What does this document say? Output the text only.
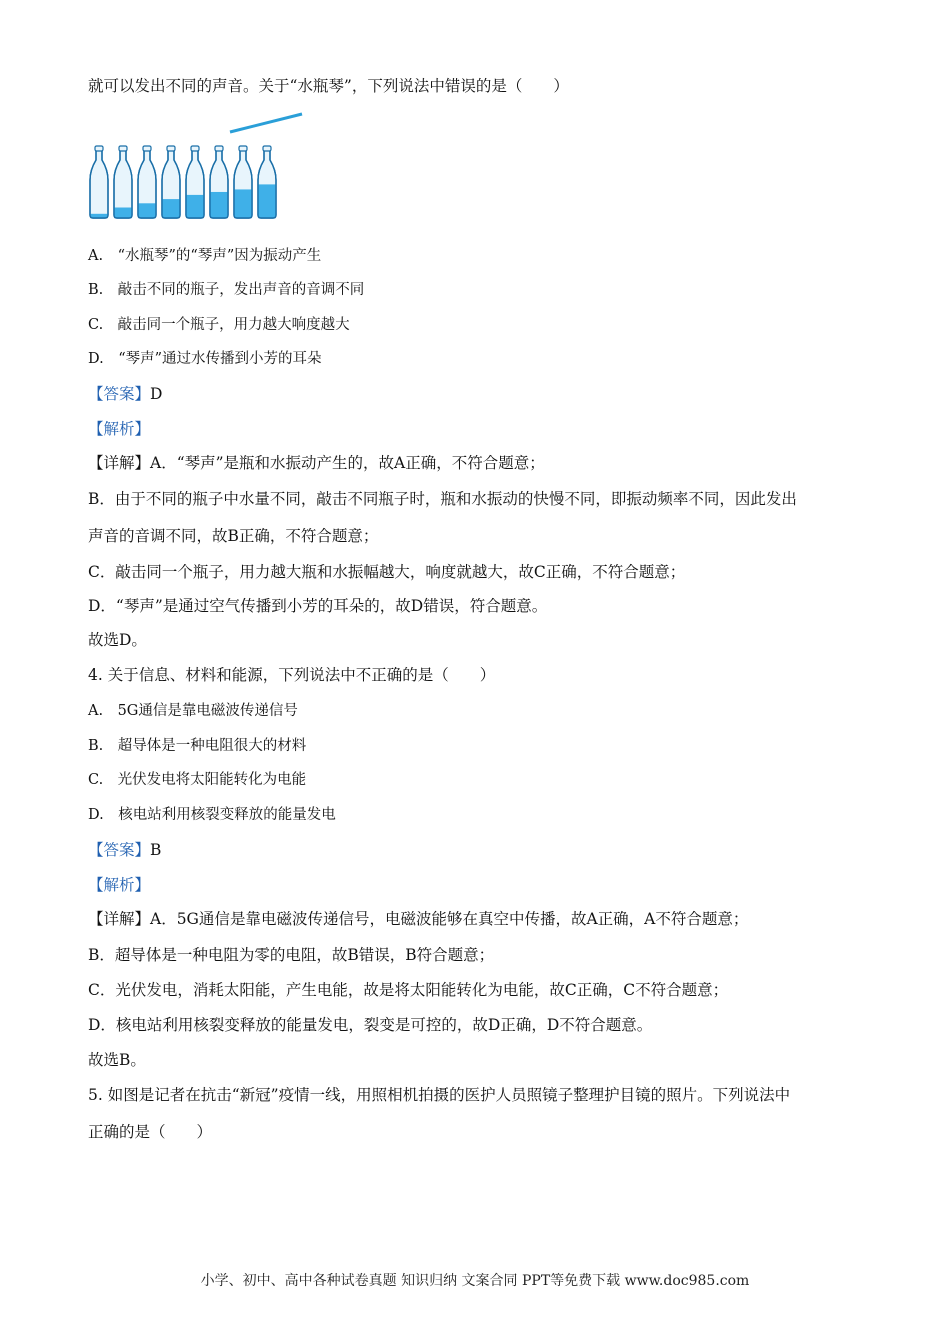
就可以发出不同的声音。关于“水瓶琴”，下列说法中错误的是（　　）
A.　“水瓶琴”的“琴声”因为振动产生
B.　敲击不同的瓶子，发出声音的音调不同
C.　敲击同一个瓶子，用力越大响度越大
D.　“琴声”通过水传播到小芳的耳朵
【答案】D
【解析】
【详解】A．“琴声”是瓶和水振动产生的，故A正确，不符合题意；
B．由于不同的瓶子中水量不同，敲击不同瓶子时，瓶和水振动的快慢不同，即振动频率不同，因此发出
声音的音调不同，故B正确，不符合题意；
C．敲击同一个瓶子，用力越大瓶和水振幅越大，响度就越大，故C正确，不符合题意；
D．“琴声”是通过空气传播到小芳的耳朵的，故D错误，符合题意。
故选D。
4. 关于信息、材料和能源，下列说法中不正确的是（　　）
A.　5G通信是靠电磁波传递信号
B.　超导体是一种电阻很大的材料
C.　光伏发电将太阳能转化为电能
D.　核电站利用核裂变释放的能量发电
【答案】B
【解析】
【详解】A．5G通信是靠电磁波传递信号，电磁波能够在真空中传播，故A正确，A不符合题意；
B．超导体是一种电阻为零的电阻，故B错误，B符合题意；
C．光伏发电，消耗太阳能，产生电能，故是将太阳能转化为电能，故C正确，C不符合题意；
D．核电站利用核裂变释放的能量发电，裂变是可控的，故D正确，D不符合题意。
故选B。
5. 如图是记者在抗击“新冠”疫情一线，用照相机拍摄的医护人员照镜子整理护目镜的照片。下列说法中
正确的是（　　）
小学、初中、高中各种试卷真题 知识归纳 文案合同 PPT等免费下载 www.doc985.com
